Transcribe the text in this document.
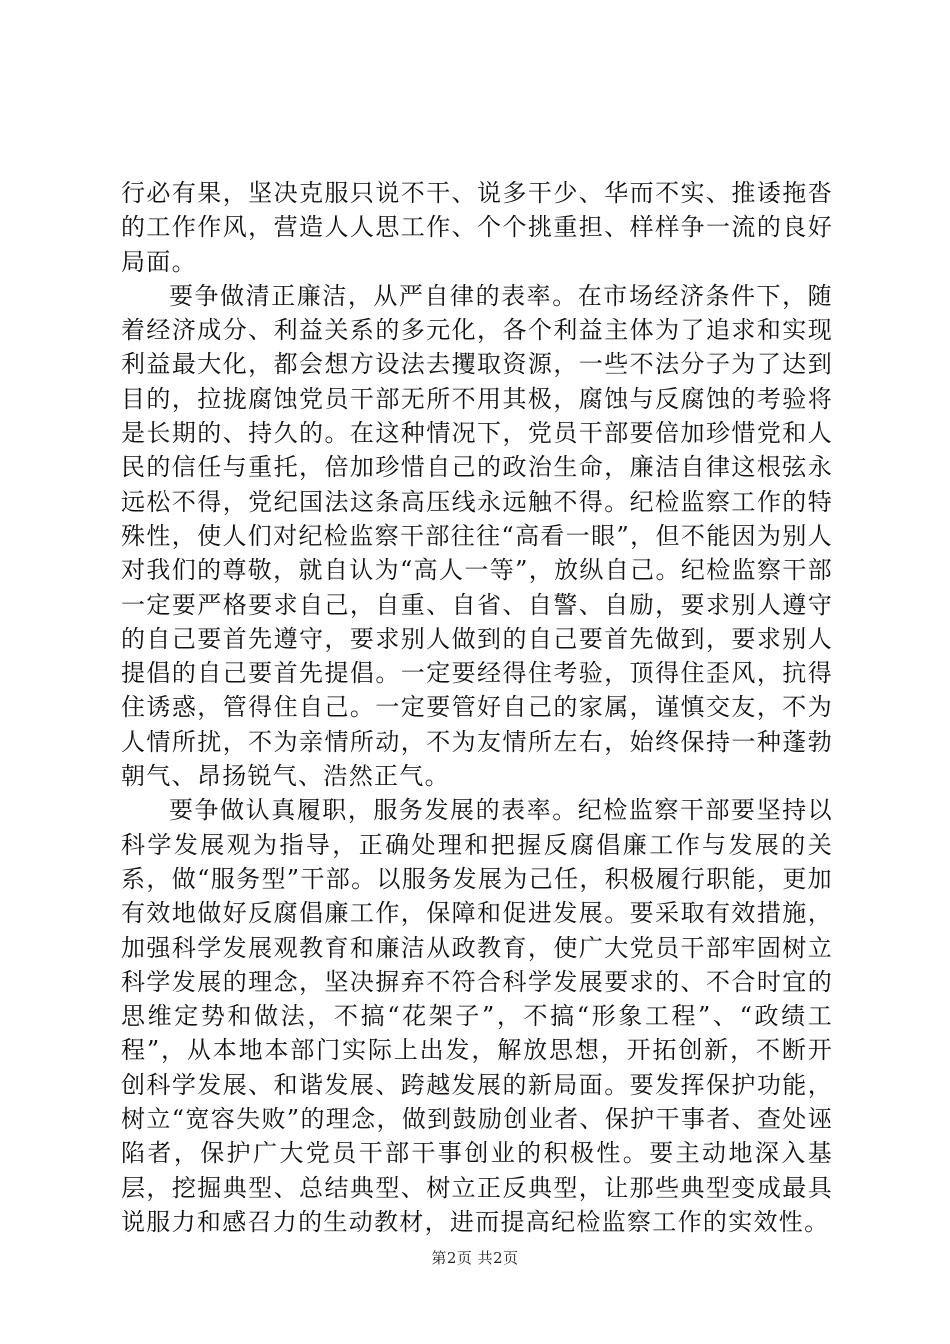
行必有果，坚决克服只说不干、说多干少、华而不实、推诿拖沓的工作作风，营造人人思工作、个个挑重担、样样争一流的良好局面。

要争做清正廉洁，从严自律的表率。在市场经济条件下，随着经济成分、利益关系的多元化，各个利益主体为了追求和实现利益最大化，都会想方设法去攫取资源，一些不法分子为了达到目的，拉拢腐蚀党员干部无所不用其极，腐蚀与反腐蚀的考验将是长期的、持久的。在这种情况下，党员干部要倍加珍惜党和人民的信任与重托，倍加珍惜自己的政治生命，廉洁自律这根弦永远松不得，党纪国法这条高压线永远触不得。纪检监察工作的特殊性，使人们对纪检监察干部往往“高看一眼”，但不能因为别人对我们的尊敬，就自认为“高人一等”，放纵自己。纪检监察干部一定要严格要求自己，自重、自省、自警、自励，要求别人遵守的自己要首先遵守，要求别人做到的自己要首先做到，要求别人提倡的自己要首先提倡。一定要经得住考验，顶得住歪风，抗得住诱惑，管得住自己。一定要管好自己的家属，谨慎交友，不为人情所扰，不为亲情所动，不为友情所左右，始终保持一种蓬勃朝气、昂扬锐气、浩然正气。

要争做认真履职，服务发展的表率。纪检监察干部要坚持以科学发展观为指导，正确处理和把握反腐倡廉工作与发展的关系，做“服务型”干部。以服务发展为己任，积极履行职能，更加有效地做好反腐倡廉工作，保障和促进发展。要采取有效措施，加强科学发展观教育和廉洁从政教育，使广大党员干部牢固树立科学发展的理念，坚决摒弃不符合科学发展要求的、不合时宜的思维定势和做法，不搞“花架子”，不搞“形象工程”、“政绩工程”，从本地本部门实际上出发，解放思想，开拓创新，不断开创科学发展、和谐发展、跨越发展的新局面。要发挥保护功能，树立“宽容失败”的理念，做到鼓励创业者、保护干事者、查处诬陷者，保护广大党员干部干事创业的积极性。要主动地深入基层，挖掘典型、总结典型、树立正反典型，让那些典型变成最具说服力和感召力的生动教材，进而提高纪检监察工作的实效性。

第2页 共2页
